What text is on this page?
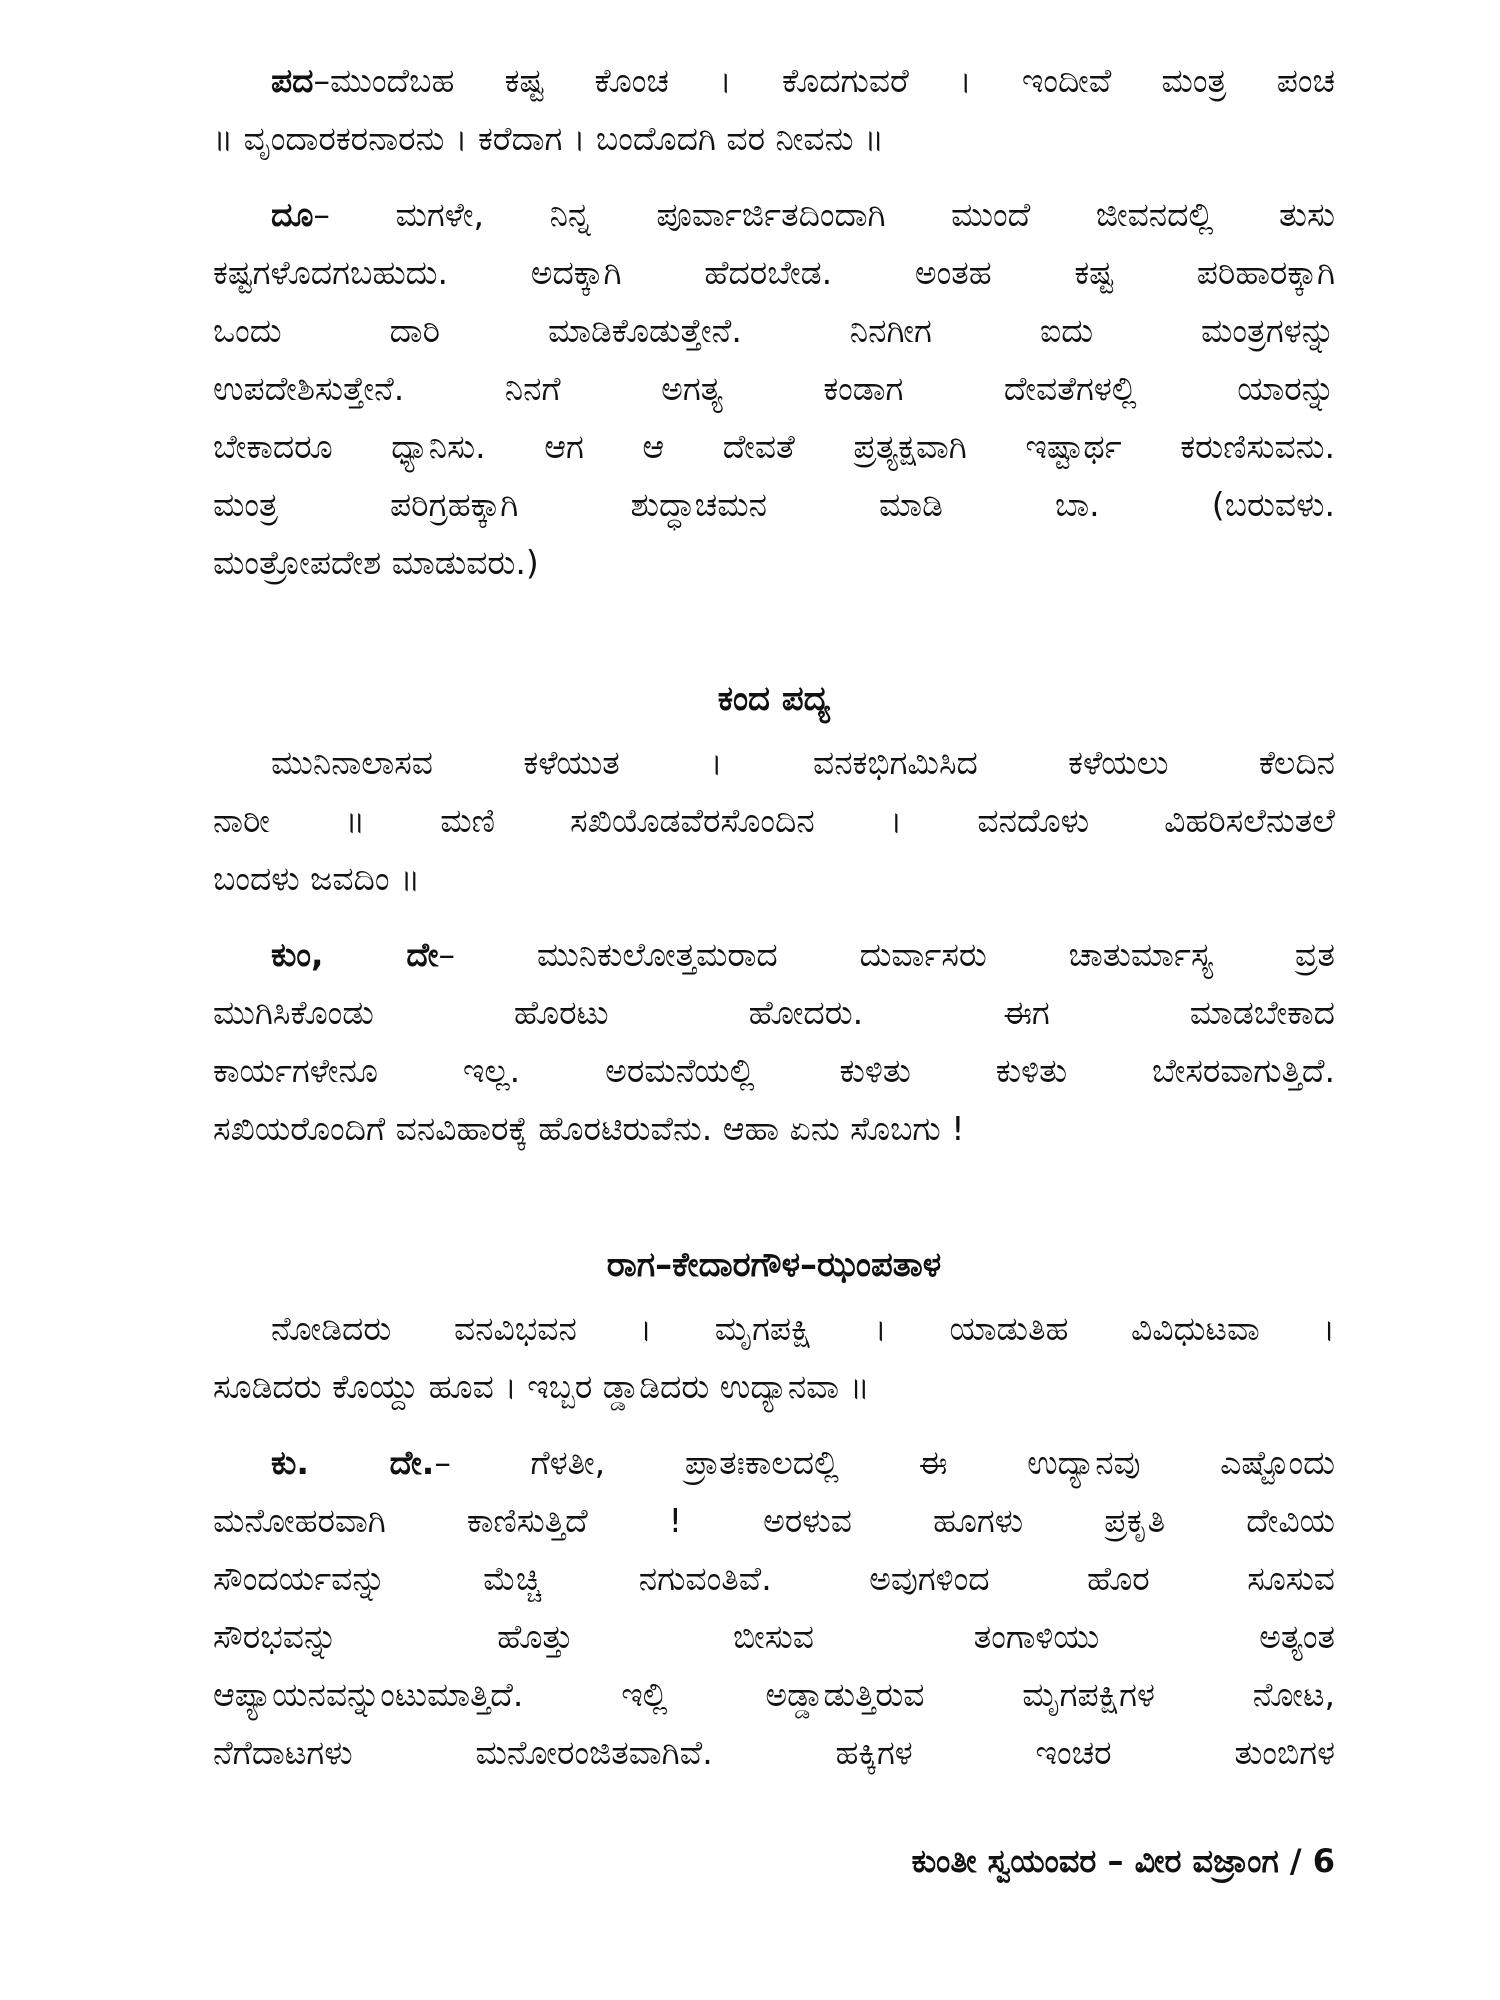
ಪದ–ಮುಂದೆಬಹ ಕಷ್ಟ ಕೊಂಚ । ಕೊದಗುವರೆ । ಇಂದೀವೆ ಮಂತ್ರ ಪಂಚ
॥ ವೃಂದಾರಕರನಾರನು । ಕರೆದಾಗ । ಬಂದೊದಗಿ ವರ ನೀವನು ॥
ದೂ– ಮಗಳೇ, ನಿನ್ನ ಪೂರ್ವಾರ್ಜಿತದಿಂದಾಗಿ ಮುಂದೆ ಜೀವನದಲ್ಲಿ ತುಸು
ಕಷ್ಟಗಳೊದಗಬಹುದು. ಅದಕ್ಕಾಗಿ ಹೆದರಬೇಡ. ಅಂತಹ ಕಷ್ಟ ಪರಿಹಾರಕ್ಕಾಗಿ
ಒಂದು ದಾರಿ ಮಾಡಿಕೊಡುತ್ತೇನೆ. ನಿನಗೀಗ ಐದು ಮಂತ್ರಗಳನ್ನು
ಉಪದೇಶಿಸುತ್ತೇನೆ. ನಿನಗೆ ಅಗತ್ಯ ಕಂಡಾಗ ದೇವತೆಗಳಲ್ಲಿ ಯಾರನ್ನು
ಬೇಕಾದರೂ ಧ್ಯಾನಿಸು. ಆಗ ಆ ದೇವತೆ ಪ್ರತ್ಯಕ್ಷವಾಗಿ ಇಷ್ಟಾರ್ಥ ಕರುಣಿಸುವನು.
ಮಂತ್ರ ಪರಿಗ್ರಹಕ್ಕಾಗಿ ಶುದ್ಧಾಚಮನ ಮಾಡಿ ಬಾ. (ಬರುವಳು.
ಮಂತ್ರೋಪದೇಶ ಮಾಡುವರು.)
ಕಂದ ಪದ್ಯ
ಮುನಿನಾಲಾಸವ ಕಳೆಯುತ । ವನಕಭಿಗಮಿಸಿದ ಕಳೆಯಲು ಕೆಲದಿನ
ನಾರೀ ॥ ಮಣಿ ಸಖಿಯೊಡವೆರಸೊಂದಿನ । ವನದೊಳು ವಿಹರಿಸಲೆನುತಲೆ
ಬಂದಳು ಜವದಿಂ ॥
ಕುಂ, ದೇ– ಮುನಿಕುಲೋತ್ತಮರಾದ ದುರ್ವಾಸರು ಚಾತುರ್ಮಾಸ್ಯ ವ್ರತ
ಮುಗಿಸಿಕೊಂಡು ಹೊರಟು ಹೋದರು. ಈಗ ಮಾಡಬೇಕಾದ
ಕಾರ್ಯಗಳೇನೂ ಇಲ್ಲ. ಅರಮನೆಯಲ್ಲಿ ಕುಳಿತು ಕುಳಿತು ಬೇಸರವಾಗುತ್ತಿದೆ.
ಸಖಿಯರೊಂದಿಗೆ ವನವಿಹಾರಕ್ಕೆ ಹೊರಟಿರುವೆನು. ಆಹಾ ಏನು ಸೊಬಗು !
ರಾಗ–ಕೇದಾರಗೌಳ–ಝಂಪತಾಳ
ನೋಡಿದರು ವನವಿಭವನ । ಮೃಗಪಕ್ಷಿ । ಯಾಡುತಿಹ ವಿವಿಧುಟವಾ ।
ಸೂಡಿದರು ಕೊಯ್ದು ಹೂವ । ಇಬ್ಬರ ಡ್ಡಾಡಿದರು ಉದ್ಯಾನವಾ ॥
ಕು. ದೇ.– ಗೆಳತೀ, ಪ್ರಾತಃಕಾಲದಲ್ಲಿ ಈ ಉದ್ಯಾನವು ಎಷ್ಟೊಂದು
ಮನೋಹರವಾಗಿ ಕಾಣಿಸುತ್ತಿದೆ ! ಅರಳುವ ಹೂಗಳು ಪ್ರಕೃತಿ ದೇವಿಯ
ಸೌಂದರ್ಯವನ್ನು ಮೆಚ್ಚಿ ನಗುವಂತಿವೆ. ಅವುಗಳಿಂದ ಹೊರ ಸೂಸುವ
ಸೌರಭವನ್ನು ಹೊತ್ತು ಬೀಸುವ ತಂಗಾಳಿಯು ಅತ್ಯಂತ
ಆಪ್ಯಾಯನವನ್ನುಂಟುಮಾತ್ತಿದೆ. ಇಲ್ಲಿ ಅಡ್ಡಾಡುತ್ತಿರುವ ಮೃಗಪಕ್ಷಿಗಳ ನೋಟ,
ನೆಗೆದಾಟಗಳು ಮನೋರಂಜಿತವಾಗಿವೆ. ಹಕ್ಕಿಗಳ ಇಂಚರ ತುಂಬಿಗಳ
ಕುಂತೀ ಸ್ವಯಂವರ – ವೀರ ವಜ್ರಾಂಗ / 6
